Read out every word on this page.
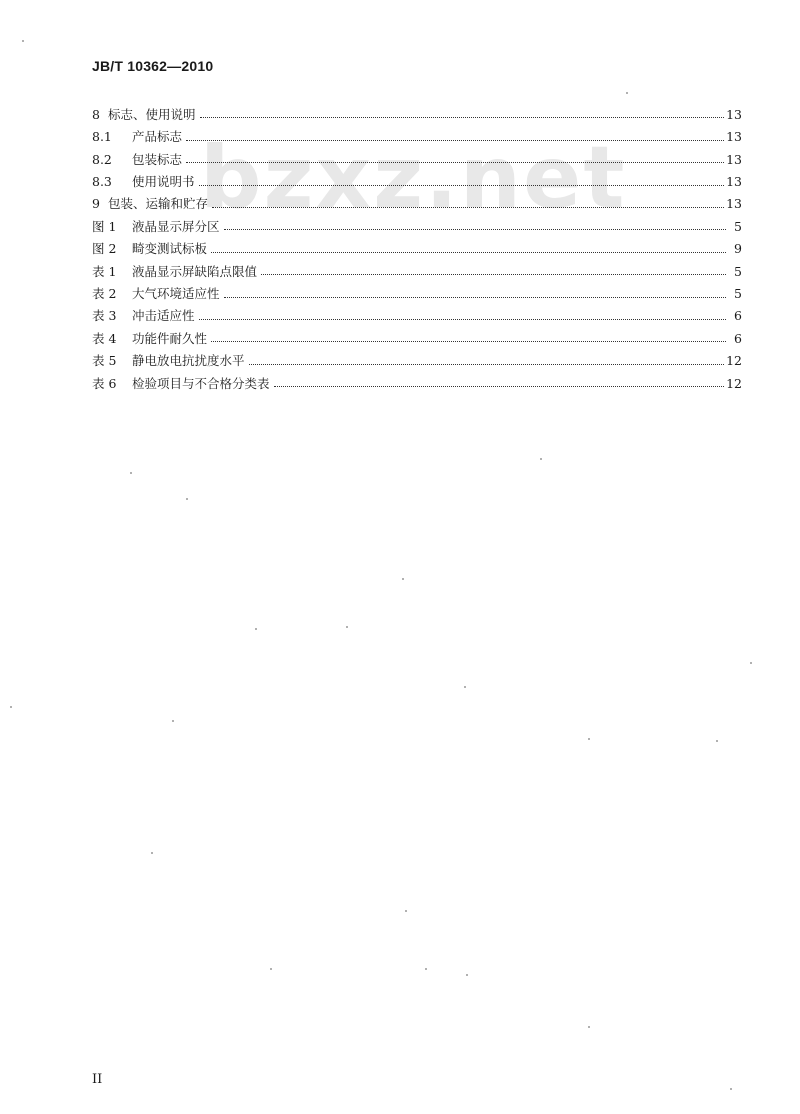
JB/T 10362—2010
bzxz.net
8 标志、使用说明	13
8.1	产品标志	13
8.2	包装标志	13
8.3	使用说明书	13
9 包装、运输和贮存	13
图 1	液晶显示屏分区	5
图 2	畸变测试标板	9
表 1	液晶显示屏缺陷点限值	5
表 2	大气环境适应性	5
表 3	冲击适应性	6
表 4	功能件耐久性	6
表 5	静电放电抗扰度水平	12
表 6	检验项目与不合格分类表	12
II
